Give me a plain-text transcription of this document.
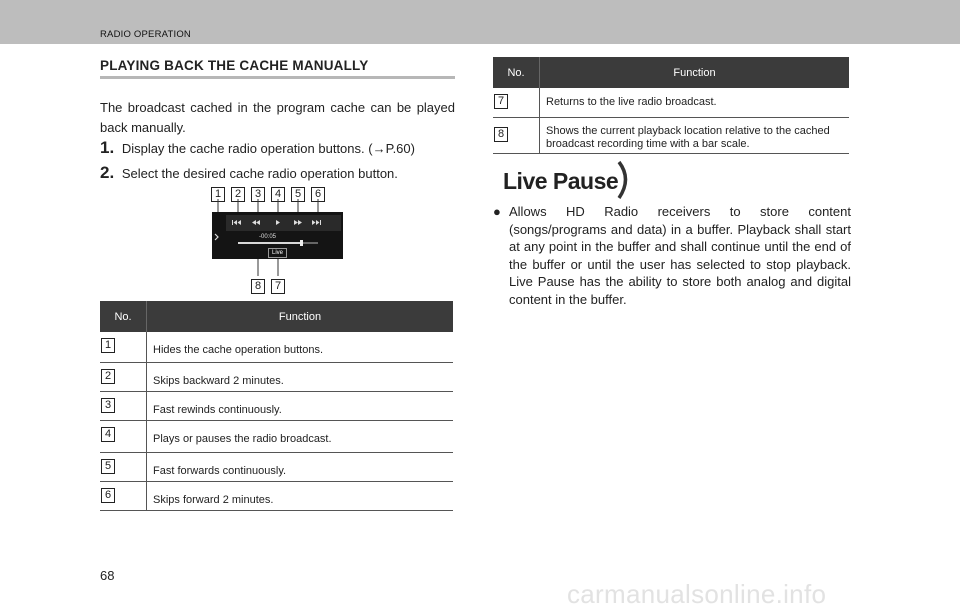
RADIO OPERATION
PLAYING BACK THE CACHE MANUALLY
The broadcast cached in the program cache can be played back manually.
1. Display the cache radio operation buttons. (→P.60)
2. Select the desired cache radio operation button.
1	2	3	4	5	6
8	7
-00:05
Live
No.	Function
1	Hides the cache operation buttons.
2	Skips backward 2 minutes.
3	Fast rewinds continuously.
4	Plays or pauses the radio broadcast.
5	Fast forwards continuously.
6	Skips forward 2 minutes.
No.	Function
7	Returns to the live radio broadcast.
8	Shows the current playback location relative to the cached broadcast recording time with a bar scale.
Live Pause
● Allows HD Radio receivers to store content (songs/programs and data) in a buffer. Playback shall start at any point in the buffer and shall continue until the end of the buffer or until the user has selected to stop playback. Live Pause has the ability to store both analog and digital content in the buffer.

68
carmanualsonline.info
